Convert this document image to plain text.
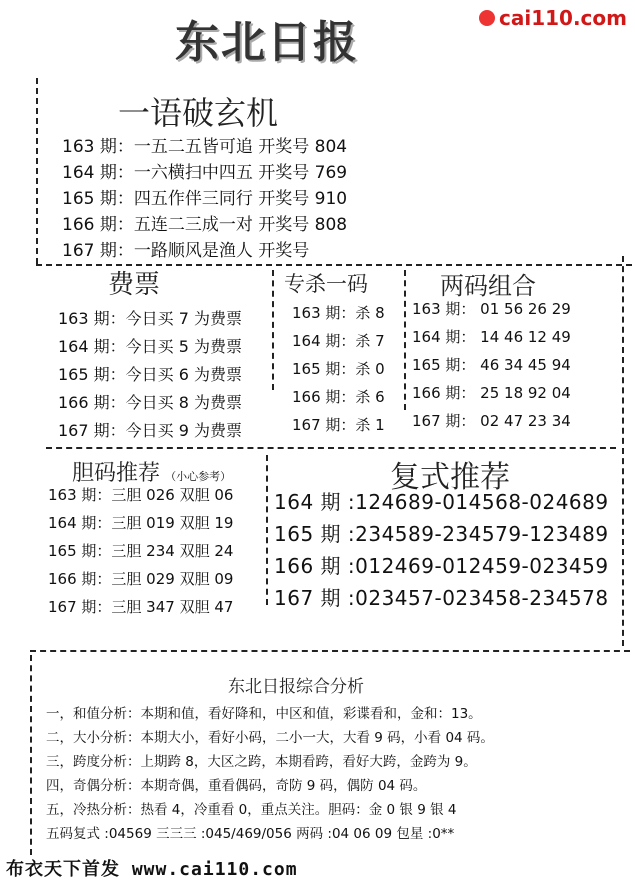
东北日报	cai110.com
一语破玄机
163 期：一五二五皆可追 开奖号 804
164 期：一六横扫中四五 开奖号 769
165 期：四五作伴三同行 开奖号 910
166 期：五连二三成一对 开奖号 808
167 期：一路顺风是渔人 开奖号
费票
163 期：今日买 7 为费票
164 期：今日买 5 为费票
165 期：今日买 6 为费票
166 期：今日买 8 为费票
167 期：今日买 9 为费票
专杀一码
163 期：杀 8
164 期：杀 7
165 期：杀 0
166 期：杀 6
167 期：杀 1
两码组合
163 期： 01 56 26 29
164 期： 14 46 12 49
165 期： 46 34 45 94
166 期： 25 18 92 04
167 期： 02 47 23 34
胆码推荐 （小心参考）
163 期：三胆 026 双胆 06
164 期：三胆 019 双胆 19
165 期：三胆 234 双胆 24
166 期：三胆 029 双胆 09
167 期：三胆 347 双胆 47
复式推荐
164 期 :124689-014568-024689
165 期 :234589-234579-123489
166 期 :012469-012459-023459
167 期 :023457-023458-234578
东北日报综合分析
一，和值分析：本期和值，看好降和，中区和值，彩谍看和，金和：13。
二，大小分析：本期大小，看好小码，二小一大，大看 9 码，小看 04 码。
三，跨度分析：上期跨 8，大区之跨，本期看跨，看好大跨，金跨为 9。
四，奇偶分析：本期奇偶，重看偶码，奇防 9 码，偶防 04 码。
五，冷热分析：热看 4，冷重看 0，重点关注。胆码：金 0 银 9 银 4
五码复式 :04569 三三三 :045/469/056 两码 :04 06 09 包星 :0**
布衣天下首发 www.cai110.com
